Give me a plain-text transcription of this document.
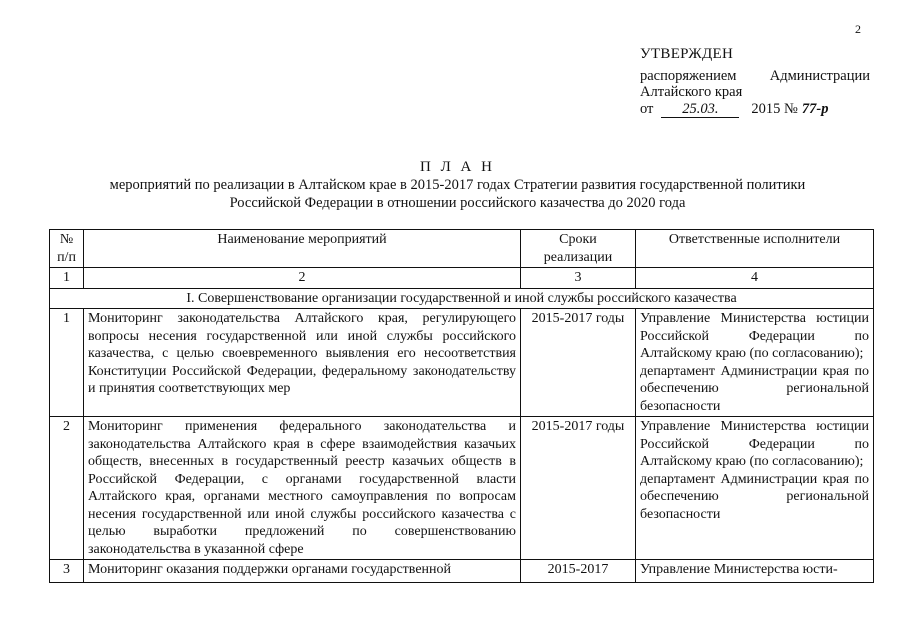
2
УТВЕРЖДЕН
распоряжением Администрации
Алтайского края
от	25.03.	2015 № 77-р
П Л А Н
мероприятий по реализации в Алтайском крае в 2015-2017 годах Стратегии развития государственной политики
Российской Федерации в отношении российского казачества до 2020 года
№ п/п	Наименование мероприятий	Сроки реализации	Ответственные исполнители
1	2	3	4
I. Совершенствование организации государственной и иной службы российского казачества			
1	Мониторинг законодательства Алтайского края, регулирующего вопросы несения государственной или иной службы российского казачества, с целью своевременного выявления его несоответствия Конституции Российской Федерации, федеральному законодательству и принятия соответствующих мер	2015-2017 годы	Управление Министерства юстиции Российской Федерации по Алтайскому краю (по согласованию);
департамент Администрации края по обеспечению региональной безопасности

2	Мониторинг применения федерального законодательства и законодательства Алтайского края в сфере взаимодействия казачьих обществ, внесенных в государственный реестр казачьих обществ в Российской Федерации, с органами государственной власти Алтайского края, органами местного самоуправления по вопросам несения государственной или иной службы российского казачества с целью выработки предложений по совершенствованию законодательства в указанной сфере	2015-2017 годы	Управление Министерства юстиции Российской Федерации по Алтайскому краю (по согласованию);
департамент Администрации края по обеспечению региональной безопасности

3	Мониторинг оказания поддержки органами государственной	2015-2017	Управление Министерства юсти-
